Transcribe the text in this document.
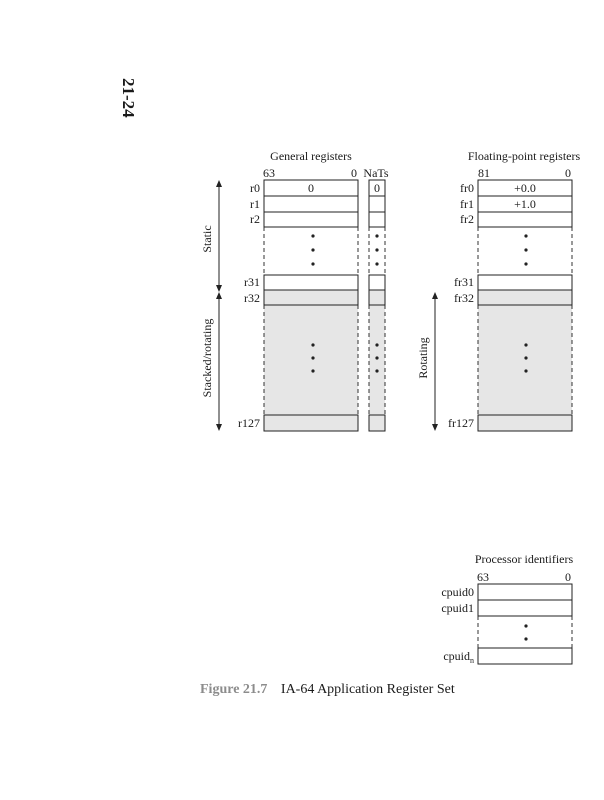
21-24
General registers
63	0 NaTs
0	0
r0
r1
r2
r31
r32
r127
Static
Stacked/rotating
Floating-point registers
81	0
+0.0
+1.0
fr0
fr1
fr2
fr31
fr32
fr127
Rotating
Processor identifiers
63	0
cpuid0
cpuid1
cpuid$_n$
Figure 21.7 IA-64 Application Register Set
